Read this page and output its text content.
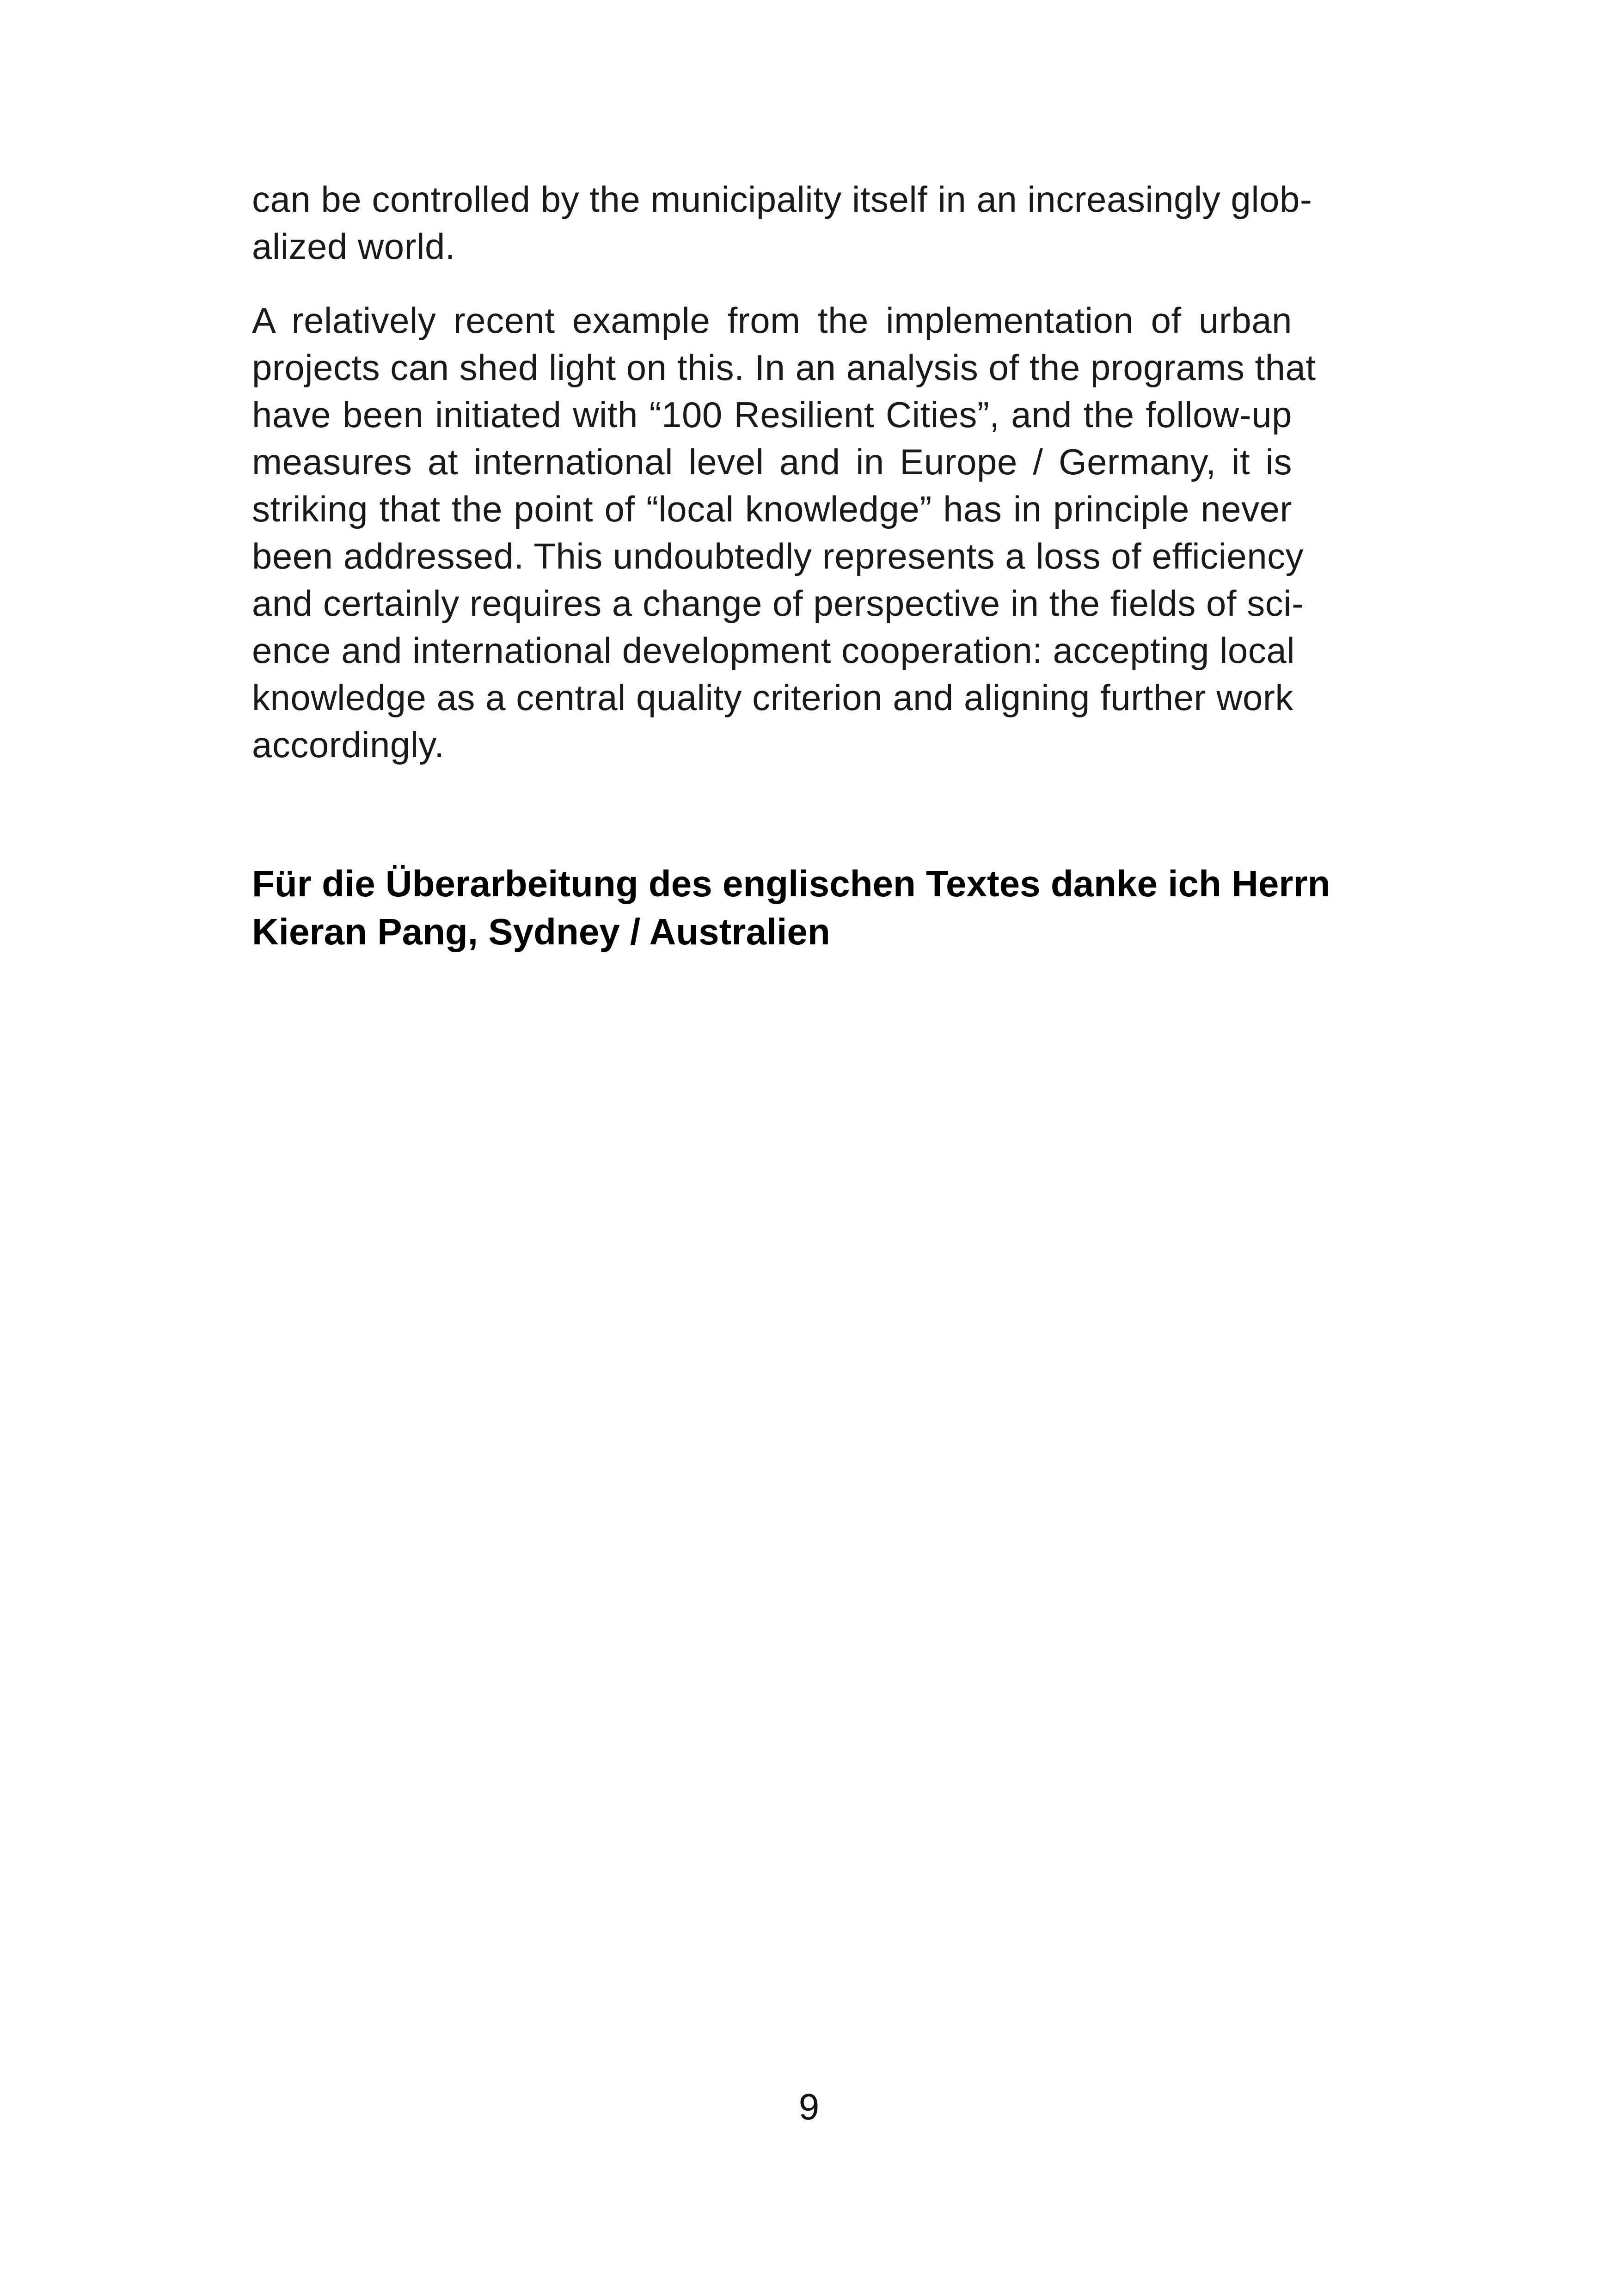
can be controlled by the municipality itself in an increasingly glob-
alized world.

A relatively recent example from the implementation of urban
projects can shed light on this. In an analysis of the programs that
have been initiated with “100 Resilient Cities”, and the follow-up
measures at international level and in Europe / Germany, it is
striking that the point of “local knowledge” has in principle never
been addressed. This undoubtedly represents a loss of efficiency
and certainly requires a change of perspective in the fields of sci-
ence and international development cooperation: accepting local
knowledge as a central quality criterion and aligning further work
accordingly.

Für die Überarbeitung des englischen Textes danke ich Herrn
Kieran Pang, Sydney / Australien

9
